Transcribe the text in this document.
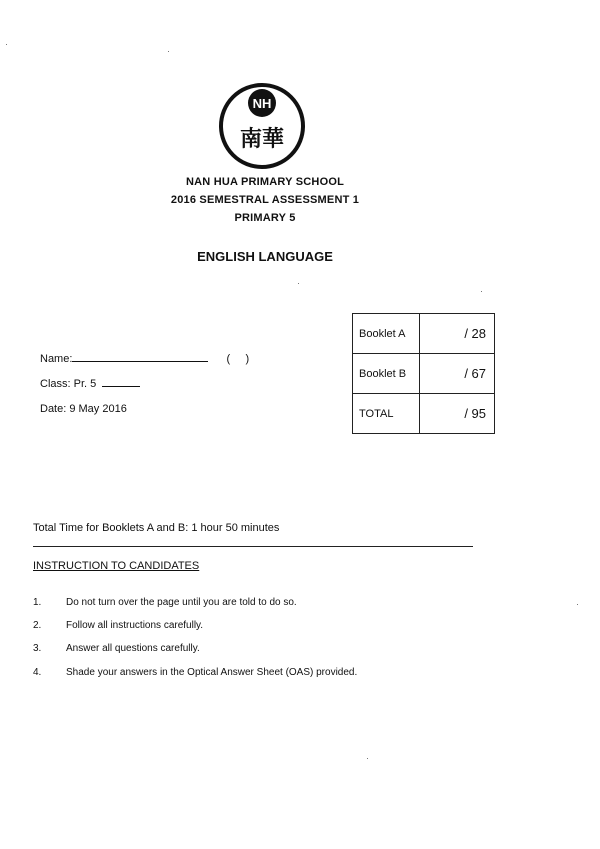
NH
南華
NAN HUA PRIMARY SCHOOL
2016 SEMESTRAL ASSESSMENT 1
PRIMARY 5
ENGLISH LANGUAGE
Name:	(     )
Class: Pr. 5
Date: 9 May 2016
Booklet A	/ 28
Booklet B	/ 67
TOTAL	/ 95
Total Time for Booklets A and B: 1 hour 50 minutes
INSTRUCTION TO CANDIDATES
1. Do not turn over the page until you are told to do so.
2. Follow all instructions carefully.
3. Answer all questions carefully.
4. Shade your answers in the Optical Answer Sheet (OAS) provided.
